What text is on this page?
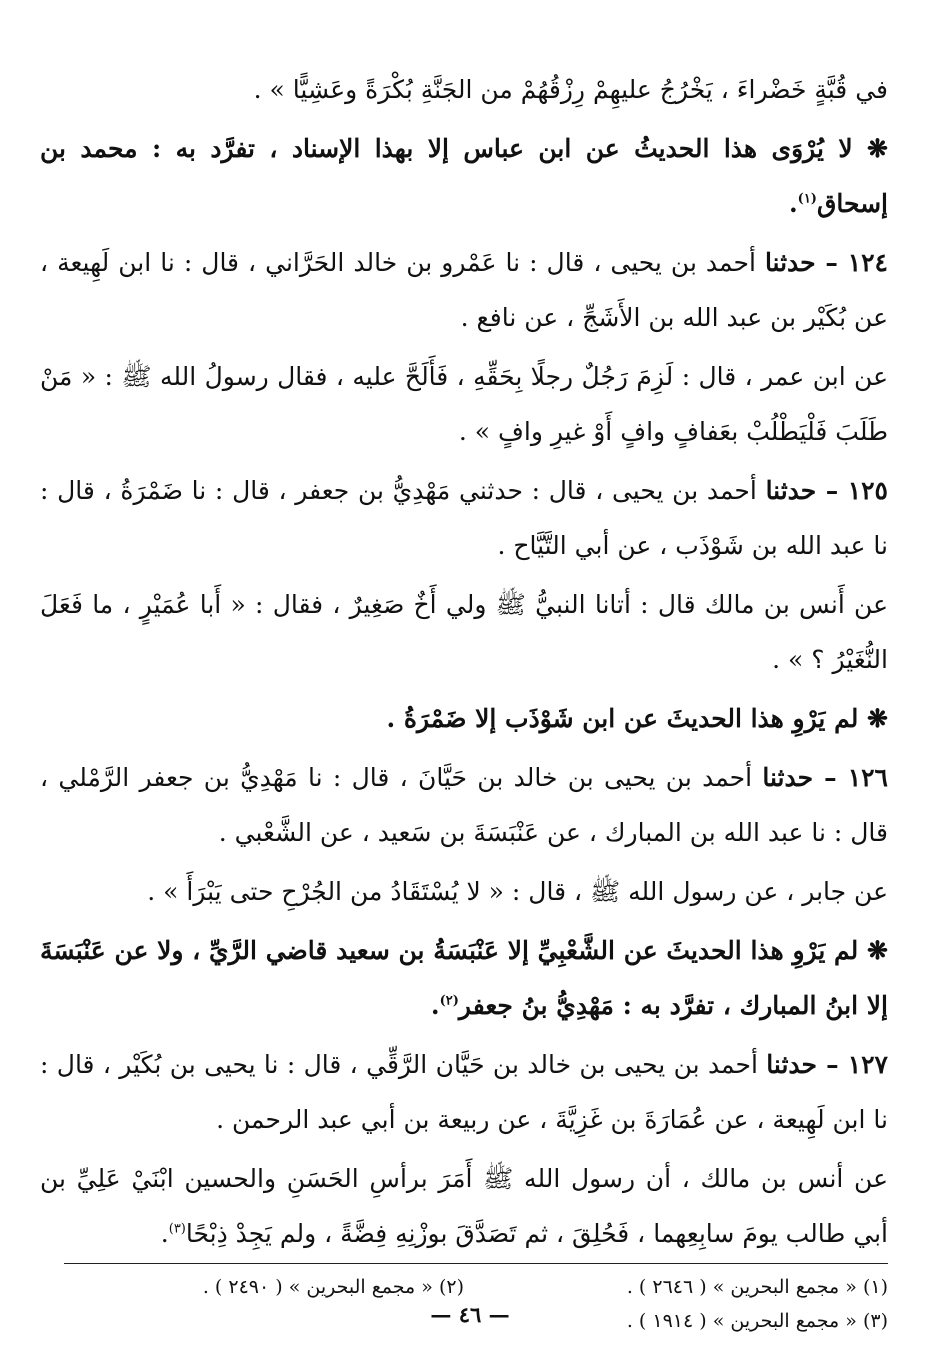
في قُبَّةٍ خَضْراءَ ، يَخْرُجُ عليهِمْ رِزْقُهُمْ من الجَنَّةِ بُكْرَةً وعَشِيًّا » .

❋ لا يُرْوَى هذا الحديثُ عن ابن عباس إلا بهذا الإسناد ، تفرَّد به : محمد بن إسحاق$^{(١)}$.

١٢٤ – حدثنا أحمد بن يحيى ، قال : نا عَمْرو بن خالد الحَرَّاني ، قال : نا ابن لَهِيعة ، عن بُكَيْر بن عبد الله بن الأَشَجِّ ، عن نافع .

عن ابن عمر ، قال : لَزِمَ رَجُلٌ رجلًا بِحَقِّهِ ، فَأَلَحَّ عليه ، فقال رسولُ الله ﷺ : « مَنْ طَلَبَ فَلْيَطْلُبْ بعَفافٍ وافٍ أَوْ غيرِ وافٍ » .

١٢٥ – حدثنا أحمد بن يحيى ، قال : حدثني مَهْدِيُّ بن جعفر ، قال : نا ضَمْرَةُ ، قال : نا عبد الله بن شَوْذَب ، عن أبي التَّيَّاح .

عن أَنس بن مالك قال : أتانا النبيُّ ﷺ ولي أَخٌ صَغِيرٌ ، فقال : « أَبا عُمَيْرٍ ، ما فَعَلَ النُّغَيْرُ ؟ » .

❋ لم يَرْوِ هذا الحديثَ عن ابن شَوْذَب إلا ضَمْرَةُ .

١٢٦ – حدثنا أحمد بن يحيى بن خالد بن حَيَّانَ ، قال : نا مَهْدِيُّ بن جعفر الرَّمْلي ، قال : نا عبد الله بن المبارك ، عن عَنْبَسَةَ بن سَعيد ، عن الشَّعْبي .

عن جابر ، عن رسول الله ﷺ ، قال : « لا يُسْتَقَادُ من الجُرْحِ حتى يَبْرَأَ » .

❋ لم يَرْوِ هذا الحديثَ عن الشَّعْبِيِّ إلا عَنْبَسَةُ بن سعيد قاضي الرَّيِّ ، ولا عن عَنْبَسَةَ إلا ابنُ المبارك ، تفرَّد به : مَهْدِيُّ بنُ جعفر$^{(٢)}$.

١٢٧ – حدثنا أحمد بن يحيى بن خالد بن حَيَّان الرَّقِّي ، قال : نا يحيى بن بُكَيْر ، قال : نا ابن لَهِيعة ، عن عُمَارَةَ بن غَزِيَّةَ ، عن ربيعة بن أبي عبد الرحمن .

عن أنس بن مالك ، أن رسول الله ﷺ أَمَرَ برأسِ الحَسَنِ والحسين ابْنَيْ عَلِيِّ بن أبي طالب يومَ سابِعِهما ، فَحُلِقَ ، ثم تَصَدَّقَ بوزْنِهِ فِضَّةً ، ولم يَجِدْ ذِبْحًا$^{(٣)}$.

(١) « مجمع البحرين » ( ٢٦٤٦ ) .
(٢) « مجمع البحرين » ( ٢٤٩٠ ) .
(٣) « مجمع البحرين » ( ١٩١٤ ) .
— ٤٦ —
